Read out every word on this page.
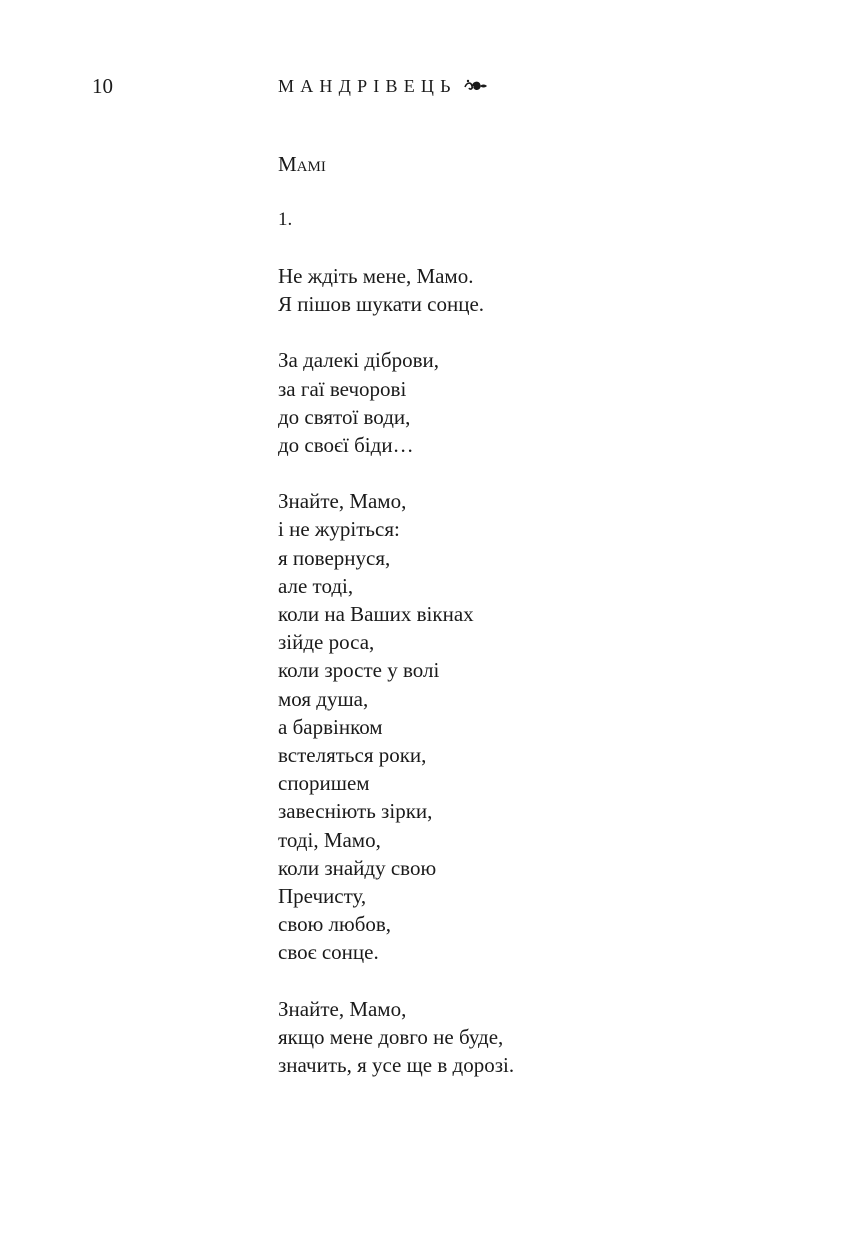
10	МАНДРІВЕЦЬ
Мамі
1.
Не ждіть мене, Мамо.
Я пішов шукати сонце.
За далекі діброви,
за гаї вечорові
до святої води,
до своєї біди…
Знайте, Мамо,
і не журіться:
я повернуся,
але тоді,
коли на Ваших вікнах
зійде роса,
коли зросте у волі
моя душа,
а барвінком
встеляться роки,
споришем
завесніють зірки,
тоді, Мамо,
коли знайду свою
Пречисту,
свою любов,
своє сонце.
Знайте, Мамо,
якщо мене довго не буде,
значить, я усе ще в дорозі.
